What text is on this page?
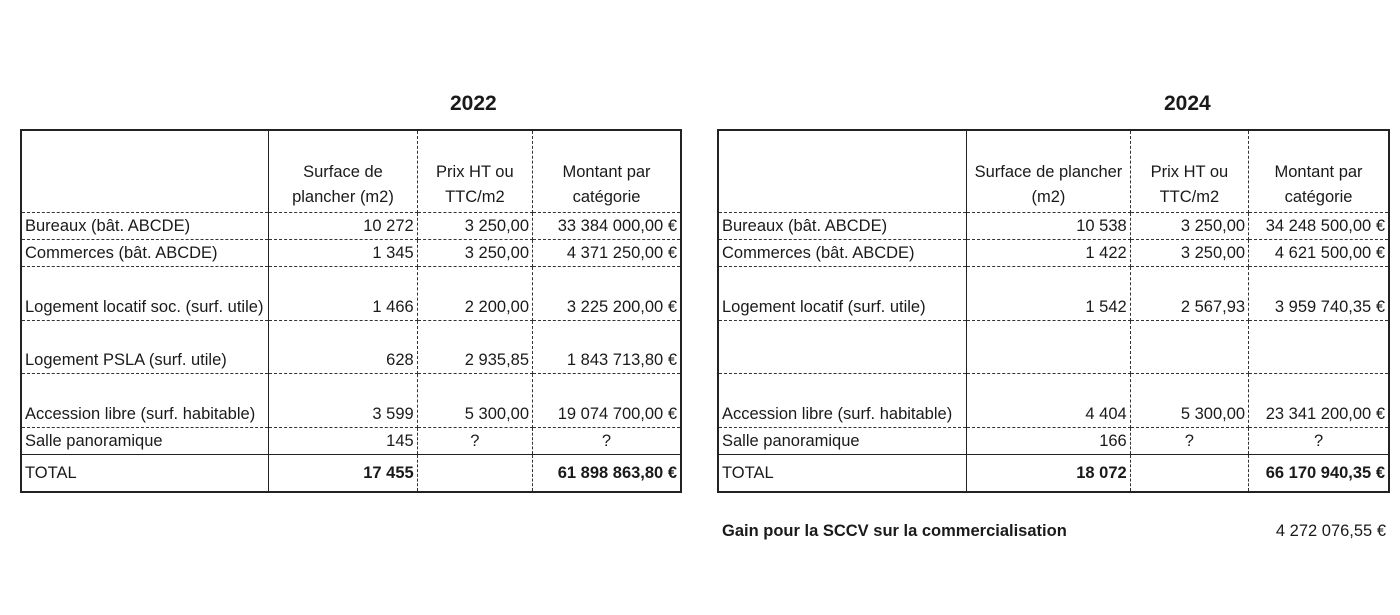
2022
	Surface de plancher (m2)	Prix HT ou TTC/m2	Montant par catégorie
Bureaux (bât. ABCDE)	10 272	3 250,00	33 384 000,00 €
Commerces (bât. ABCDE)	1 345	3 250,00	4 371 250,00 €
Logement locatif soc. (surf. utile)	1 466	2 200,00	3 225 200,00 €
Logement PSLA (surf. utile)	628	2 935,85	1 843 713,80 €
Accession libre (surf. habitable)	3 599	5 300,00	19 074 700,00 €
Salle panoramique	145	?	?
TOTAL	17 455		61 898 863,80 €
2024
	Surface de plancher (m2)	Prix HT ou TTC/m2	Montant par catégorie
Bureaux (bât. ABCDE)	10 538	3 250,00	34 248 500,00 €
Commerces (bât. ABCDE)	1 422	3 250,00	4 621 500,00 €
Logement locatif (surf. utile)	1 542	2 567,93	3 959 740,35 €

Accession libre (surf. habitable)	4 404	5 300,00	23 341 200,00 €
Salle panoramique	166	?	?
TOTAL	18 072		66 170 940,35 €
Gain pour la SCCV sur la commercialisation	4 272 076,55 €
